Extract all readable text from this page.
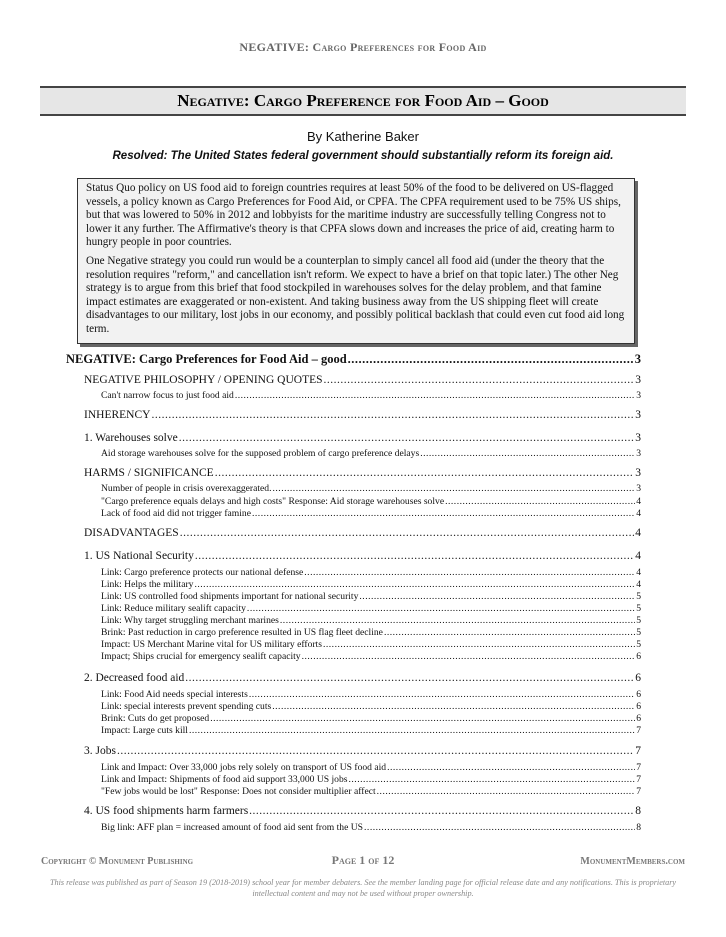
NEGATIVE: Cargo Preferences for Food Aid
Negative: Cargo Preference for Food Aid – Good
By Katherine Baker
Resolved: The United States federal government should substantially reform its foreign aid.

Status Quo policy on US food aid to foreign countries requires at least 50% of the food to be delivered on US-flagged vessels, a policy known as Cargo Preferences for Food Aid, or CPFA. The CPFA requirement used to be 75% US ships, but that was lowered to 50% in 2012 and lobbyists for the maritime industry are successfully telling Congress not to lower it any further. The Affirmative's theory is that CPFA slows down and increases the price of aid, creating harm to hungry people in poor countries.

One Negative strategy you could run would be a counterplan to simply cancel all food aid (under the theory that the resolution requires "reform," and cancellation isn't reform. We expect to have a brief on that topic later.) The other Neg strategy is to argue from this brief that food stockpiled in warehouses solves for the delay problem, and that famine impact estimates are exaggerated or non-existent. And taking business away from the US shipping fleet will create disadvantages to our military, lost jobs in our economy, and possibly political backlash that could even cut food aid long term.

NEGATIVE: Cargo Preferences for Food Aid – good .....	3
NEGATIVE PHILOSOPHY / OPENING QUOTES .....	3
Can't narrow focus to just food aid .....	3
INHERENCY .....	3
1. Warehouses solve .....	3
Aid storage warehouses solve for the supposed problem of cargo preference delays .....	3
HARMS / SIGNIFICANCE .....	3
Number of people in crisis overexaggerated. .....	3
"Cargo preference equals delays and high costs" Response: Aid storage warehouses solve .....	4
Lack of food aid did not trigger famine .....	4
DISADVANTAGES .....	4
1. US National Security .....	4
Link: Cargo preference protects our national defense .....	4
Link: Helps the military .....	4
Link: US controlled food shipments important for national security .....	5
Link: Reduce military sealift capacity .....	5
Link: Why target struggling merchant marines .....	5
Brink: Past reduction in cargo preference resulted in US flag fleet decline .....	5
Impact: US Merchant Marine vital for US military efforts .....	5
Impact; Ships crucial for emergency sealift capacity .....	6
2. Decreased food aid .....	6
Link: Food Aid needs special interests .....	6
Link: special interests prevent spending cuts .....	6
Brink: Cuts do get proposed .....	6
Impact: Large cuts kill .....	7
3. Jobs .....	7
Link and Impact: Over 33,000 jobs rely solely on transport of US food aid .....	7
Link and Impact: Shipments of food aid support 33,000 US jobs .....	7
"Few jobs would be lost" Response: Does not consider multiplier affect .....	7
4. US food shipments harm farmers .....	8
Big link: AFF plan = increased amount of food aid sent from the US .....	8
Copyright © Monument Publishing	Page 1 of 12	MonumentMembers.com
This release was published as part of Season 19 (2018-2019) school year for member debaters. See the member landing page for official release date and any notifications. This is proprietary intellectual content and may not be used without proper ownership.
